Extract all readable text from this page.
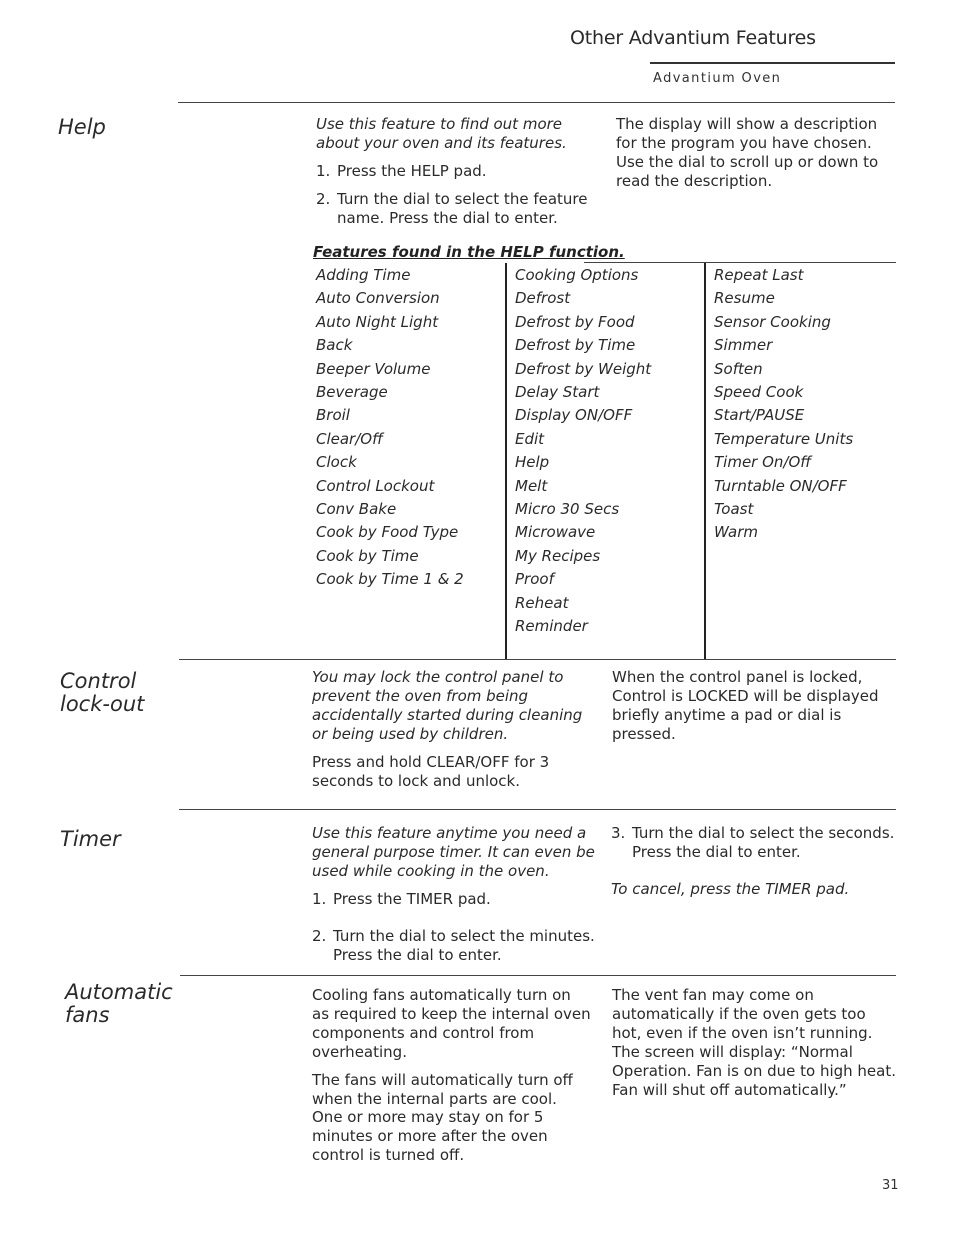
Other Advantium Features
Advantium Oven
Help	Use this feature to find out more about your oven and its features.

1. Press the HELP pad.

2. Turn the dial to select the feature name. Press the dial to enter.

The display will show a description for the program you have chosen. Use the dial to scroll up or down to read the description.
Features found in the HELP function.
Adding Time
Auto Conversion
Auto Night Light
Back
Beeper Volume
Beverage
Broil
Clear/Off
Clock
Control Lockout
Conv Bake
Cook by Food Type
Cook by Time
Cook by Time 1 & 2
Cooking Options
Defrost
Defrost by Food
Defrost by Time
Defrost by Weight
Delay Start
Display ON/OFF
Edit
Help
Melt
Micro 30 Secs
Microwave
My Recipes
Proof
Reheat
Reminder
Repeat Last
Resume
Sensor Cooking
Simmer
Soften
Speed Cook
Start/PAUSE
Temperature Units
Timer On/Off
Turntable ON/OFF
Toast
Warm
Control lock-out

You may lock the control panel to prevent the oven from being accidentally started during cleaning or being used by children.

Press and hold CLEAR/OFF for 3 seconds to lock and unlock.

When the control panel is locked, Control is LOCKED will be displayed briefly anytime a pad or dial is pressed.
Timer	Use this feature anytime you need a general purpose timer. It can even be used while cooking in the oven.

1. Press the TIMER pad.

2. Turn the dial to select the minutes. Press the dial to enter.

3. Turn the dial to select the seconds. Press the dial to enter.

To cancel, press the TIMER pad.

Automatic fans

Cooling fans automatically turn on as required to keep the internal oven components and control from overheating.

The fans will automatically turn off when the internal parts are cool. One or more may stay on for 5 minutes or more after the oven control is turned off.

The vent fan may come on automatically if the oven gets too hot, even if the oven isn’t running. The screen will display: “Normal Operation. Fan is on due to high heat. Fan will shut off automatically.”
31
